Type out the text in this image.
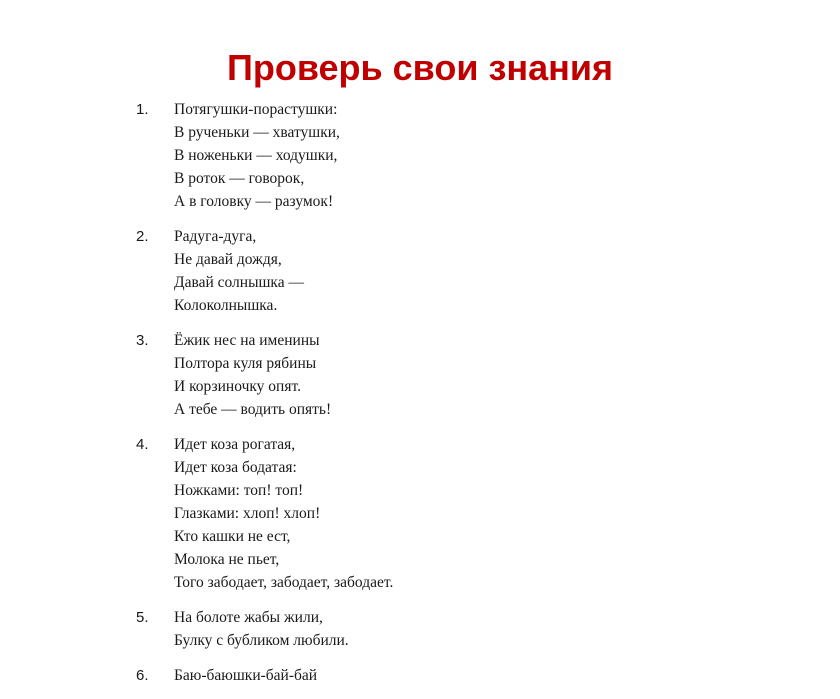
Проверь свои знания
1. Потягушки-порастушки:
В рученьки — хватушки,
В ноженьки — ходушки,
В роток — говорок,
А в головку — разумок!
2. Радуга-дуга,
Не давай дождя,
Давай солнышка —
Колоколнышка.
3. Ёжик нес на именины
Полтора куля рябины
И корзиночку опят.
А тебе — водить опять!
4. Идет коза рогатая,
Идет коза бодатая:
Ножками: топ! топ!
Глазками: хлоп! хлоп!
Кто кашки не ест,
Молока не пьет,
Того забодает, забодает, забодает.
5. На болоте жабы жили,
Булку с бубликом любили.
6. Баю-баюшки-бай-бай
